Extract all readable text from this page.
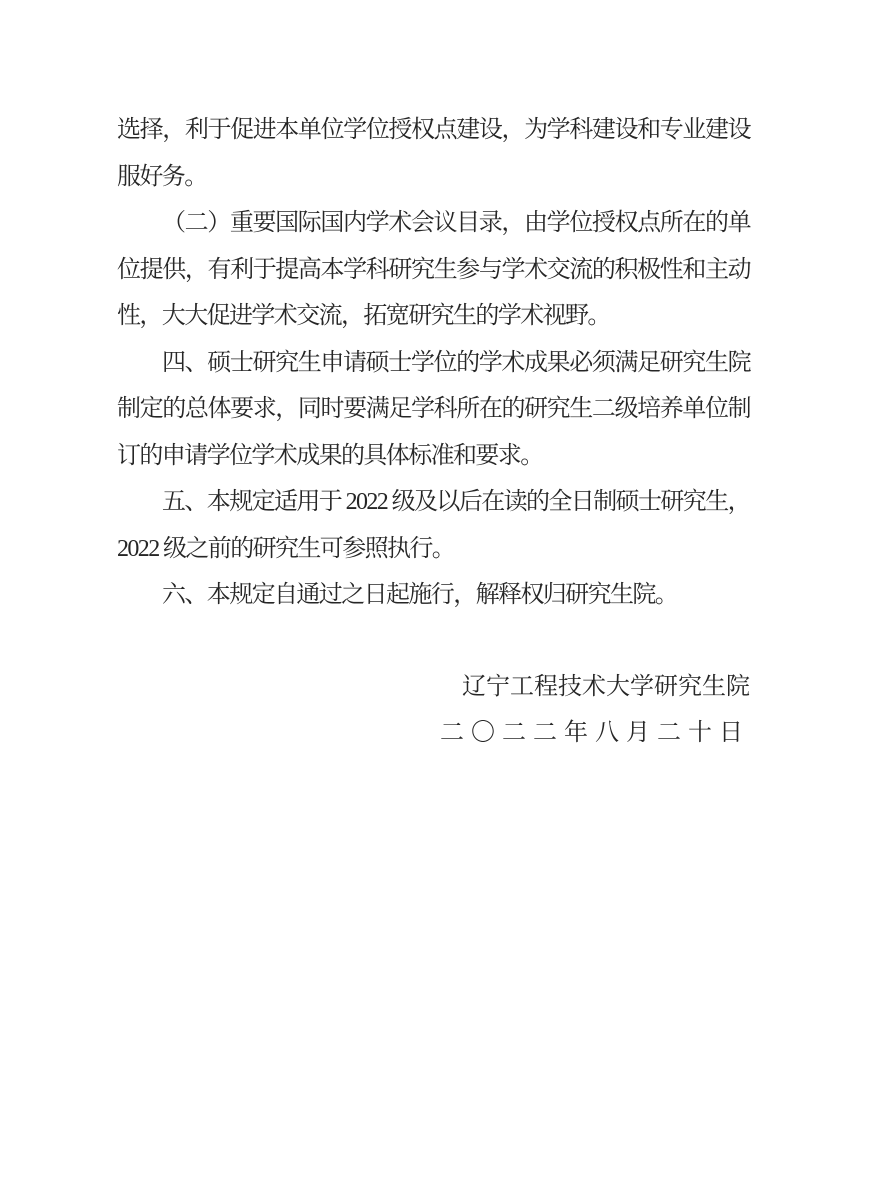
选择，利于促进本单位学位授权点建设，为学科建设和专业建设服好务。

（二）重要国际国内学术会议目录，由学位授权点所在的单位提供，有利于提高本学科研究生参与学术交流的积极性和主动性，大大促进学术交流，拓宽研究生的学术视野。

四、硕士研究生申请硕士学位的学术成果必须满足研究生院制定的总体要求，同时要满足学科所在的研究生二级培养单位制订的申请学位学术成果的具体标准和要求。

五、本规定适用于 2022 级及以后在读的全日制硕士研究生，2022 级之前的研究生可参照执行。

六、本规定自通过之日起施行，解释权归研究生院。

辽宁工程技术大学研究生院

二〇二二年八月二十日
